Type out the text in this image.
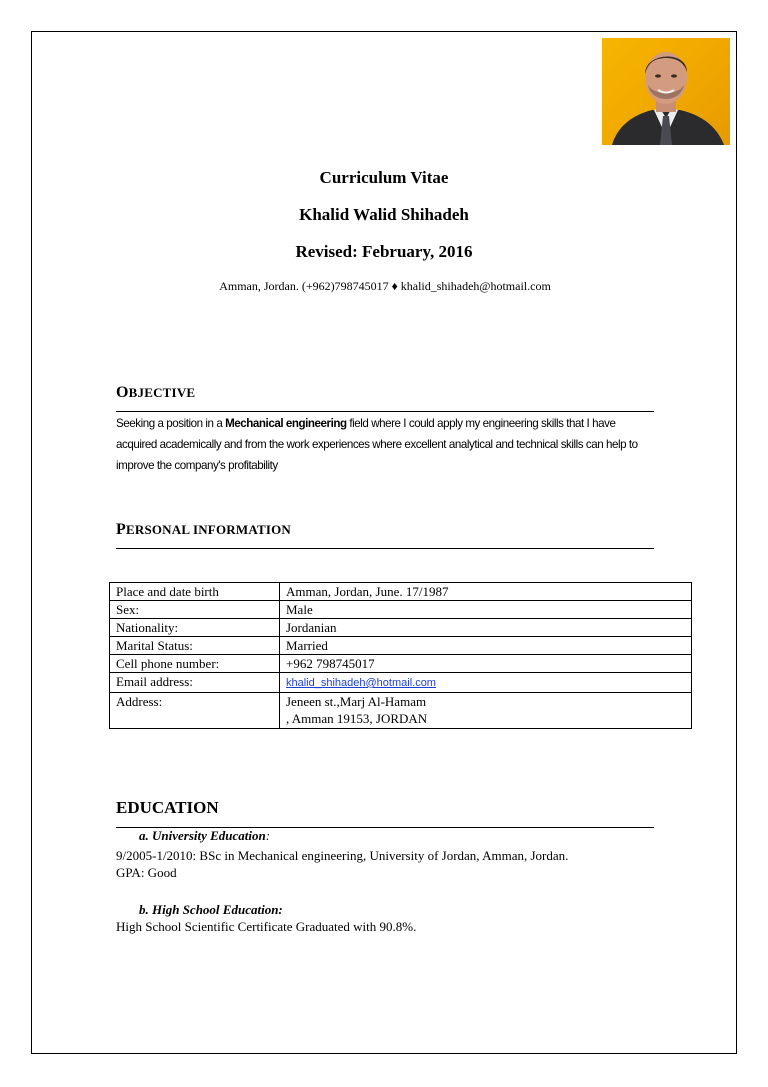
Curriculum Vitae
Khalid Walid Shihadeh
Revised: February, 2016
Amman, Jordan. (+962)798745017 ♦ khalid_shihadeh@hotmail.com
OBJECTIVE
Seeking a position in a Mechanical engineering field where I could apply my engineering skills that I have acquired academically and from the work experiences where excellent analytical and technical skills can help to improve the company's profitability
PERSONAL INFORMATION
Place and date birth	Amman, Jordan, June. 17/1987
Sex:	Male
Nationality:	Jordanian
Marital Status:	Married
Cell phone number:	+962 798745017
Email address:	khalid_shihadeh@hotmail.com
Address:	Jeneen st.,Marj Al-Hamam
, Amman 19153, JORDAN
EDUCATION
a. University Education:
9/2005-1/2010: BSc in Mechanical engineering, University of Jordan, Amman, Jordan.
GPA: Good
b. High School Education:
High School Scientific Certificate Graduated with 90.8%.
